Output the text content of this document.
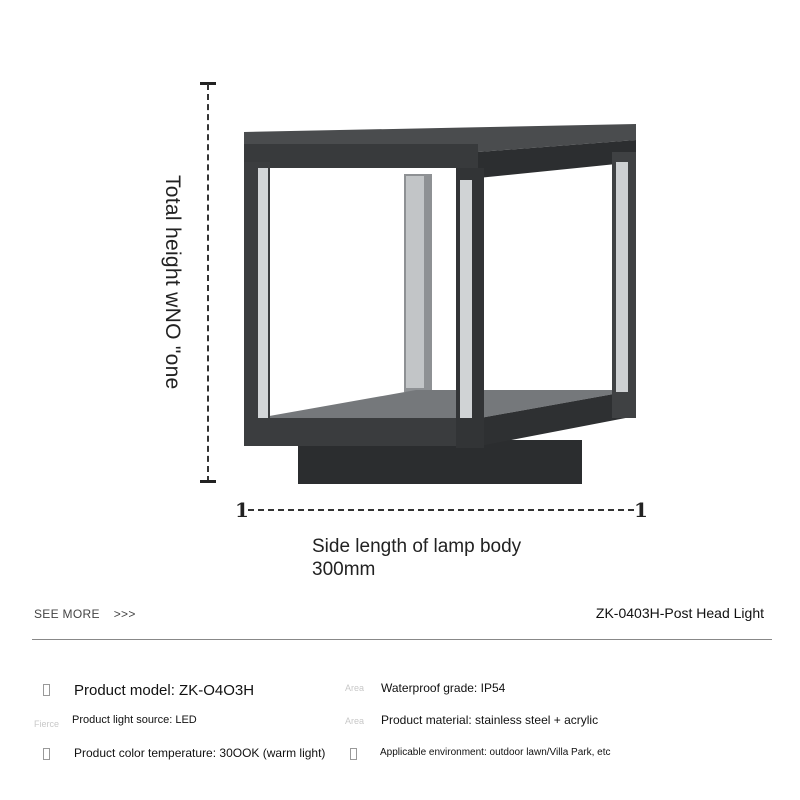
Total height wNO "one
1	1
Side length of lamp body
300mm
SEE MORE >>>	ZK-0403H-Post Head Light
Product model: ZK-O4O3H
Fierce Product light source: LED
Product color temperature: 30OOK (warm light)
Area Waterproof grade: IP54
Area Product material: stainless steel + acrylic
Applicable environment: outdoor lawn/Villa Park, etc
